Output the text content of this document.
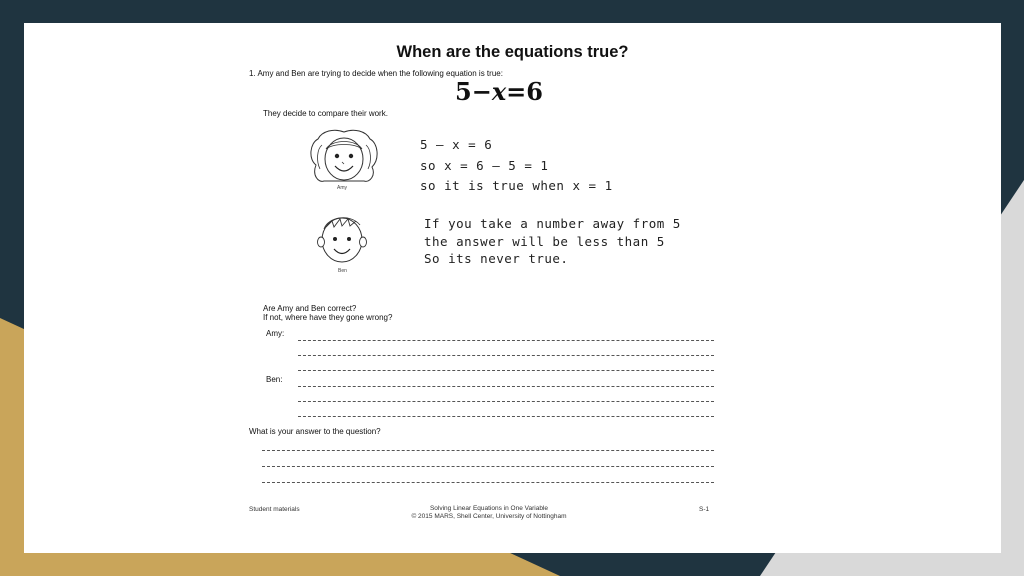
When are the equations true?
1. Amy and Ben are trying to decide when the following equation is true:
5−x=6
They decide to compare their work.
Amy
5 – x = 6
so x = 6 – 5 = 1
so it is true when x = 1
Ben
If you take a number away from 5
the answer will be less than 5
So its never true.
Are Amy and Ben correct?
If not, where have they gone wrong?
Amy:
Ben:
What is your answer to the question?
Student materials	Solving Linear Equations in One Variable
© 2015 MARS, Shell Center, University of Nottingham
S-1
